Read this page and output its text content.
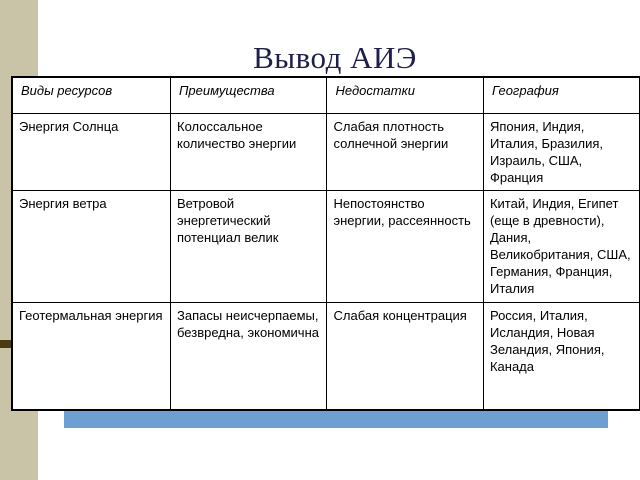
Вывод АИЭ
Виды ресурсов	Преимущества	Недостатки	География
Энергия Солнца	Колоссальное количество энергии	Слабая плотность солнечной энергии	Япония, Индия, Италия, Бразилия, Израиль, США, Франция
Энергия ветра	Ветровой энергетический потенциал велик	Непостоянство энергии, рассеянность	Китай, Индия, Египет (еще в древности), Дания, Великобритания, США, Германия, Франция, Италия
Геотермальная энергия	Запасы неисчерпаемы, безвредна, экономична	Слабая концентрация	Россия, Италия, Исландия, Новая Зеландия, Япония, Канада
